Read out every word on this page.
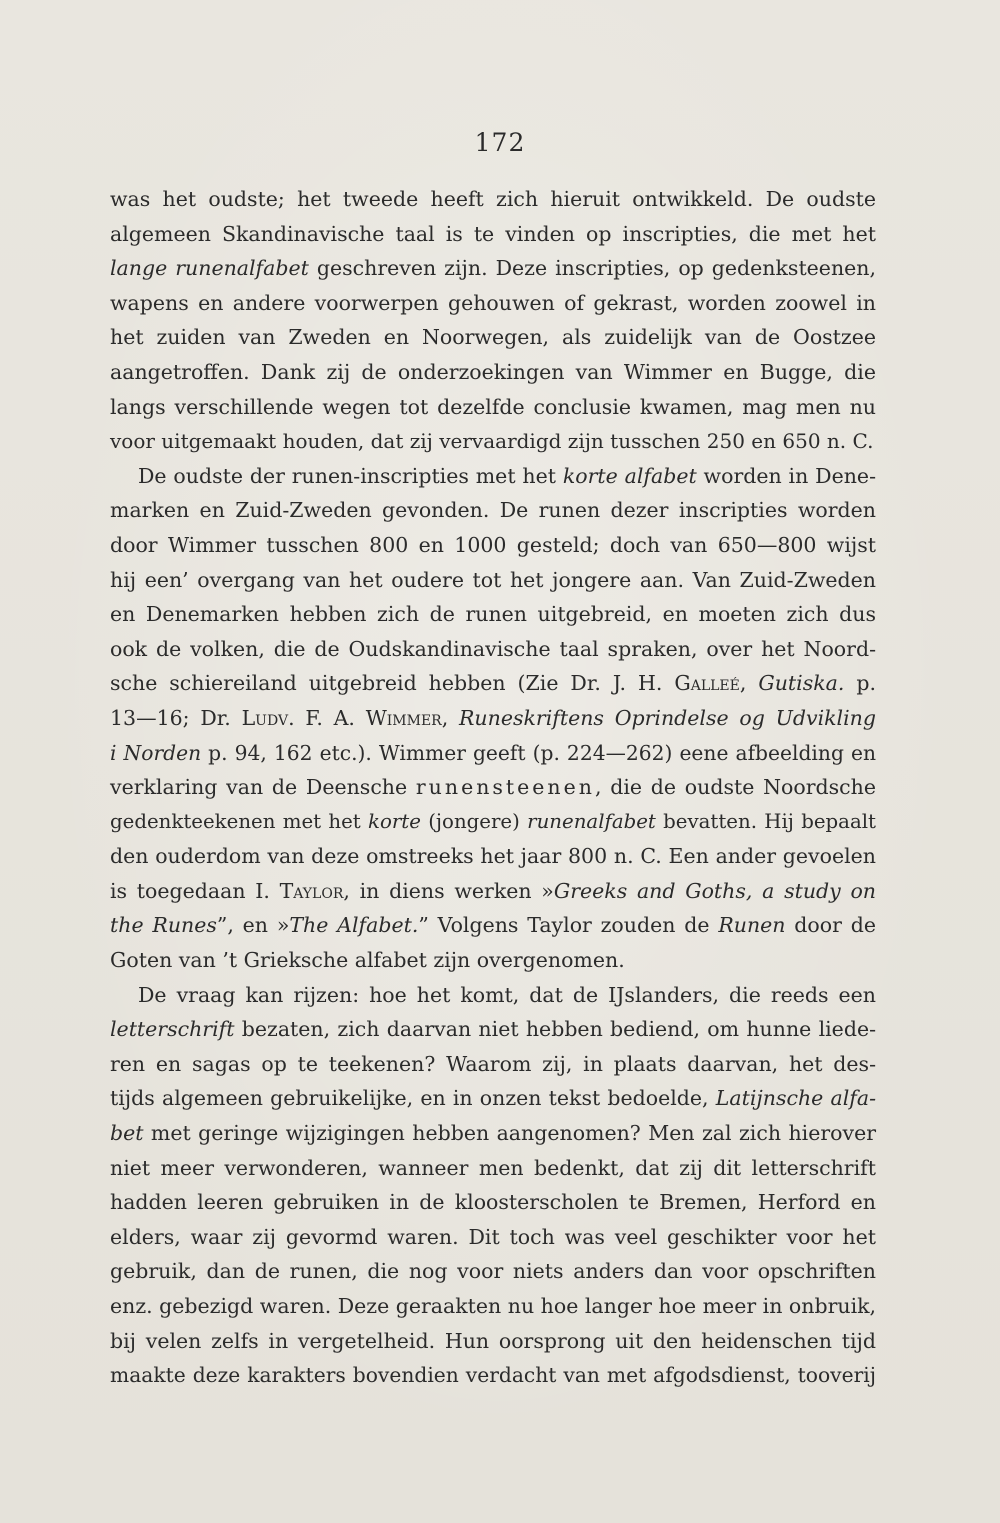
172
was het oudste; het tweede heeft zich hieruit ontwikkeld. De oudste
algemeen Skandinavische taal is te vinden op inscripties, die met het
lange runenalfabet geschreven zijn. Deze inscripties, op gedenksteenen,
wapens en andere voorwerpen gehouwen of gekrast, worden zoowel in
het zuiden van Zweden en Noorwegen, als zuidelijk van de Oostzee
aangetroffen. Dank zij de onderzoekingen van Wimmer en Bugge, die
langs verschillende wegen tot dezelfde conclusie kwamen, mag men nu
voor uitgemaakt houden, dat zij vervaardigd zijn tusschen 250 en 650 n. C.
De oudste der runen-inscripties met het korte alfabet worden in Dene-
marken en Zuid-Zweden gevonden. De runen dezer inscripties worden
door Wimmer tusschen 800 en 1000 gesteld; doch van 650—800 wijst
hij een’ overgang van het oudere tot het jongere aan. Van Zuid-Zweden
en Denemarken hebben zich de runen uitgebreid, en moeten zich dus
ook de volken, die de Oudskandinavische taal spraken, over het Noord-
sche schiereiland uitgebreid hebben (Zie Dr. J. H. Galleé, Gutiska. p.
13—16; Dr. Ludv. F. A. Wimmer, Runeskriftens Oprindelse og Udvikling
i Norden p. 94, 162 etc.). Wimmer geeft (p. 224—262) eene afbeelding en
verklaring van de Deensche runensteenen, die de oudste Noordsche
gedenkteekenen met het korte (jongere) runenalfabet bevatten. Hij bepaalt
den ouderdom van deze omstreeks het jaar 800 n. C. Een ander gevoelen
is toegedaan I. Taylor, in diens werken »Greeks and Goths, a study on
the Runes”, en »The Alfabet.” Volgens Taylor zouden de Runen door de
Goten van ’t Grieksche alfabet zijn overgenomen.
De vraag kan rijzen: hoe het komt, dat de IJslanders, die reeds een
letterschrift bezaten, zich daarvan niet hebben bediend, om hunne liede-
ren en sagas op te teekenen? Waarom zij, in plaats daarvan, het des-
tijds algemeen gebruikelijke, en in onzen tekst bedoelde, Latijnsche alfa-
bet met geringe wijzigingen hebben aangenomen? Men zal zich hierover
niet meer verwonderen, wanneer men bedenkt, dat zij dit letterschrift
hadden leeren gebruiken in de kloosterscholen te Bremen, Herford en
elders, waar zij gevormd waren. Dit toch was veel geschikter voor het
gebruik, dan de runen, die nog voor niets anders dan voor opschriften
enz. gebezigd waren. Deze geraakten nu hoe langer hoe meer in onbruik,
bij velen zelfs in vergetelheid. Hun oorsprong uit den heidenschen tijd
maakte deze karakters bovendien verdacht van met afgodsdienst, tooverij
